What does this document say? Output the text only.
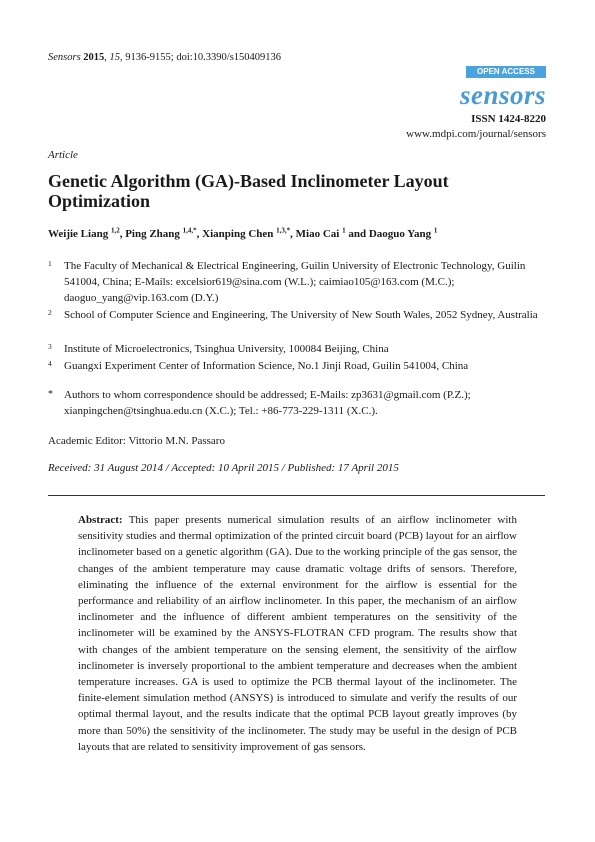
Sensors 2015, 15, 9136-9155; doi:10.3390/s150409136
OPEN ACCESS
sensors
ISSN 1424-8220
www.mdpi.com/journal/sensors
Article
Genetic Algorithm (GA)-Based Inclinometer Layout Optimization
Weijie Liang $^{1,2}$, Ping Zhang $^{1,4,*}$, Xianping Chen $^{1,3,*}$, Miao Cai $^1$ and Daoguo Yang $^1$
1 The Faculty of Mechanical & Electrical Engineering, Guilin University of Electronic Technology, Guilin 541004, China; E-Mails: excelsior619@sina.com (W.L.); caimiao105@163.com (M.C.); daoguo_yang@vip.163.com (D.Y.)
2 School of Computer Science and Engineering, The University of New South Wales, 2052 Sydney, Australia
3 Institute of Microelectronics, Tsinghua University, 100084 Beijing, China
4 Guangxi Experiment Center of Information Science, No.1 Jinji Road, Guilin 541004, China
* Authors to whom correspondence should be addressed; E-Mails: zp3631@gmail.com (P.Z.); xianpingchen@tsinghua.edu.cn (X.C.); Tel.: +86-773-229-1311 (X.C.).
Academic Editor: Vittorio M.N. Passaro
Received: 31 August 2014 / Accepted: 10 April 2015 / Published: 17 April 2015
Abstract: This paper presents numerical simulation results of an airflow inclinometer with sensitivity studies and thermal optimization of the printed circuit board (PCB) layout for an airflow inclinometer based on a genetic algorithm (GA). Due to the working principle of the gas sensor, the changes of the ambient temperature may cause dramatic voltage drifts of sensors. Therefore, eliminating the influence of the external environment for the airflow is essential for the performance and reliability of an airflow inclinometer. In this paper, the mechanism of an airflow inclinometer and the influence of different ambient temperatures on the sensitivity of the inclinometer will be examined by the ANSYS-FLOTRAN CFD program. The results show that with changes of the ambient temperature on the sensing element, the sensitivity of the airflow inclinometer is inversely proportional to the ambient temperature and decreases when the ambient temperature increases. GA is used to optimize the PCB thermal layout of the inclinometer. The finite-element simulation method (ANSYS) is introduced to simulate and verify the results of our optimal thermal layout, and the results indicate that the optimal PCB layout greatly improves (by more than 50%) the sensitivity of the inclinometer. The study may be useful in the design of PCB layouts that are related to sensitivity improvement of gas sensors.
